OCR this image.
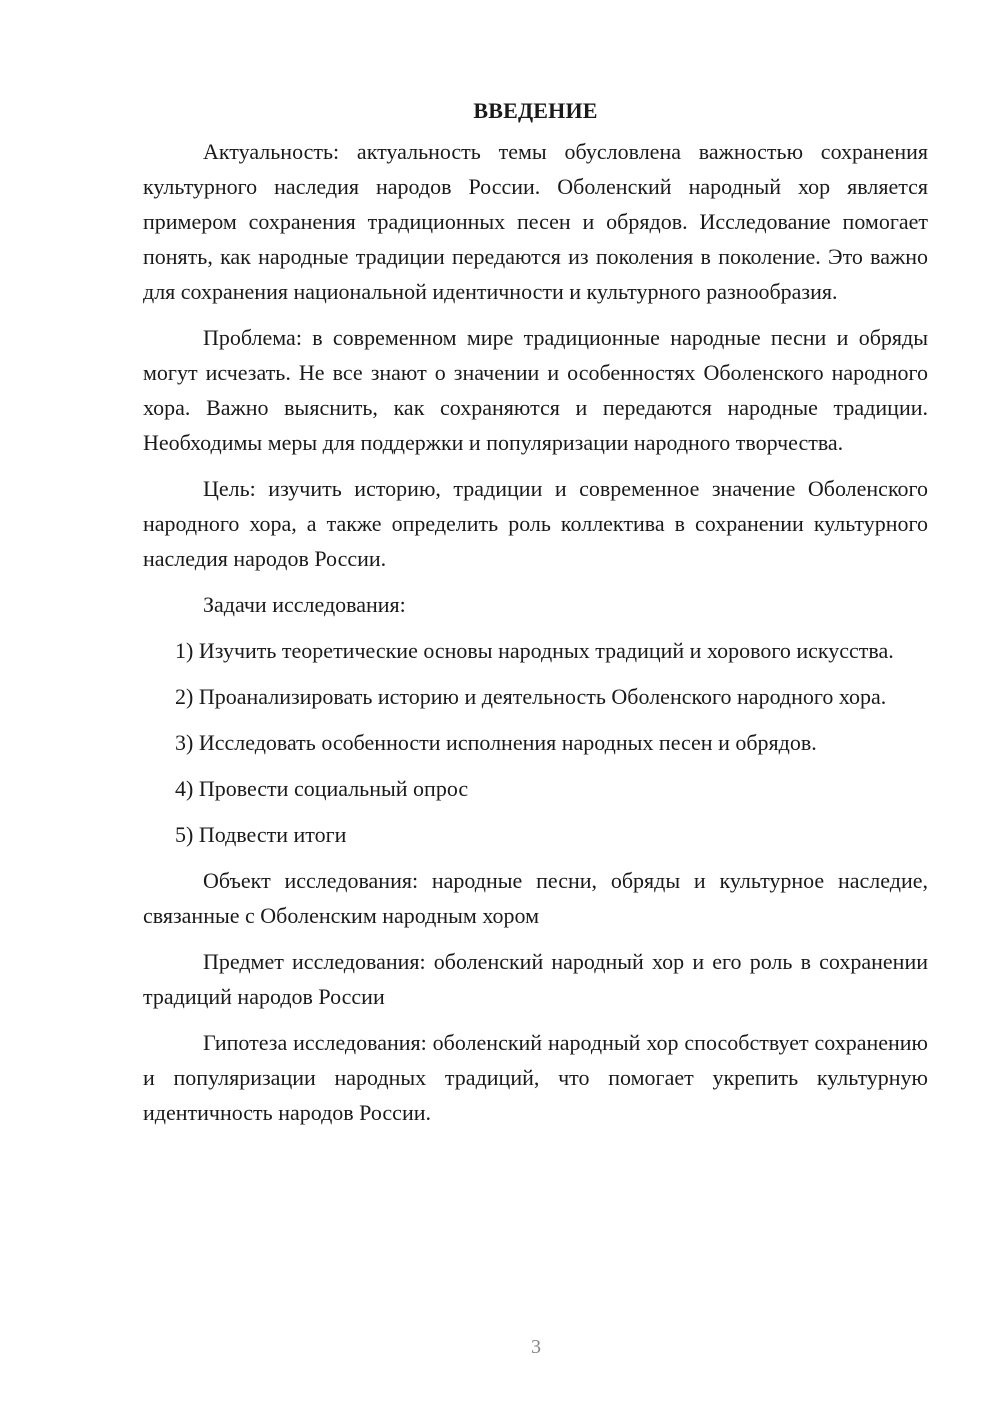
ВВЕДЕНИЕ

Актуальность: актуальность темы обусловлена важностью сохранения культурного наследия народов России. Оболенский народный хор является примером сохранения традиционных песен и обрядов. Исследование помогает понять, как народные традиции передаются из поколения в поколение. Это важно для сохранения национальной идентичности и культурного разнообразия.

Проблема: в современном мире традиционные народные песни и обряды могут исчезать. Не все знают о значении и особенностях Оболенского народного хора. Важно выяснить, как сохраняются и передаются народные традиции. Необходимы меры для поддержки и популяризации народного творчества.

Цель: изучить историю, традиции и современное значение Оболенского народного хора, а также определить роль коллектива в сохранении культурного наследия народов России.

Задачи исследования:

1) Изучить теоретические основы народных традиций и хорового искусства.

2) Проанализировать историю и деятельность Оболенского народного хора.

3) Исследовать особенности исполнения народных песен и обрядов.

4) Провести социальный опрос

5) Подвести итоги

Объект исследования: народные песни, обряды и культурное наследие, связанные с Оболенским народным хором

Предмет исследования: оболенский народный хор и его роль в сохранении традиций народов России

Гипотеза исследования: оболенский народный хор способствует сохранению и популяризации народных традиций, что помогает укрепить культурную идентичность народов России.

3
